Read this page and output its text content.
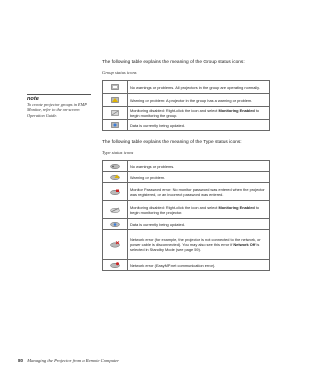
The following table explains the meaning of the Group status icons:
Group status icons
note
To create projector groups in EMP Monitor, refer to the on-screen Operation Guide.
	No warnings or problems. All projectors in the group are operating normally.
	Warning or problem: A projector in the group has a warning or problem.
	Monitoring disabled: Right-click the icon and select Monitoring Enabled to begin monitoring the group.
	Data is currently being updated.
The following table explains the meaning of the Type status icons:
Type status icons
	No warnings or problems.
	Warning or problem.
	Monitor Password error: No monitor password was entered when the projector was registered, or an incorrect password was entered.
	Monitoring disabled: Right-click the icon and select Monitoring Enabled to begin monitoring the projector.
	Data is currently being updated.
	Network error (for example, the projector is not connected to the network, or power cable is disconnected). You may also see this error if Network Off is selected in Standby Mode (see page 59).
	Network error (EasyMP.net communication error).
80 Managing the Projector from a Remote Computer
